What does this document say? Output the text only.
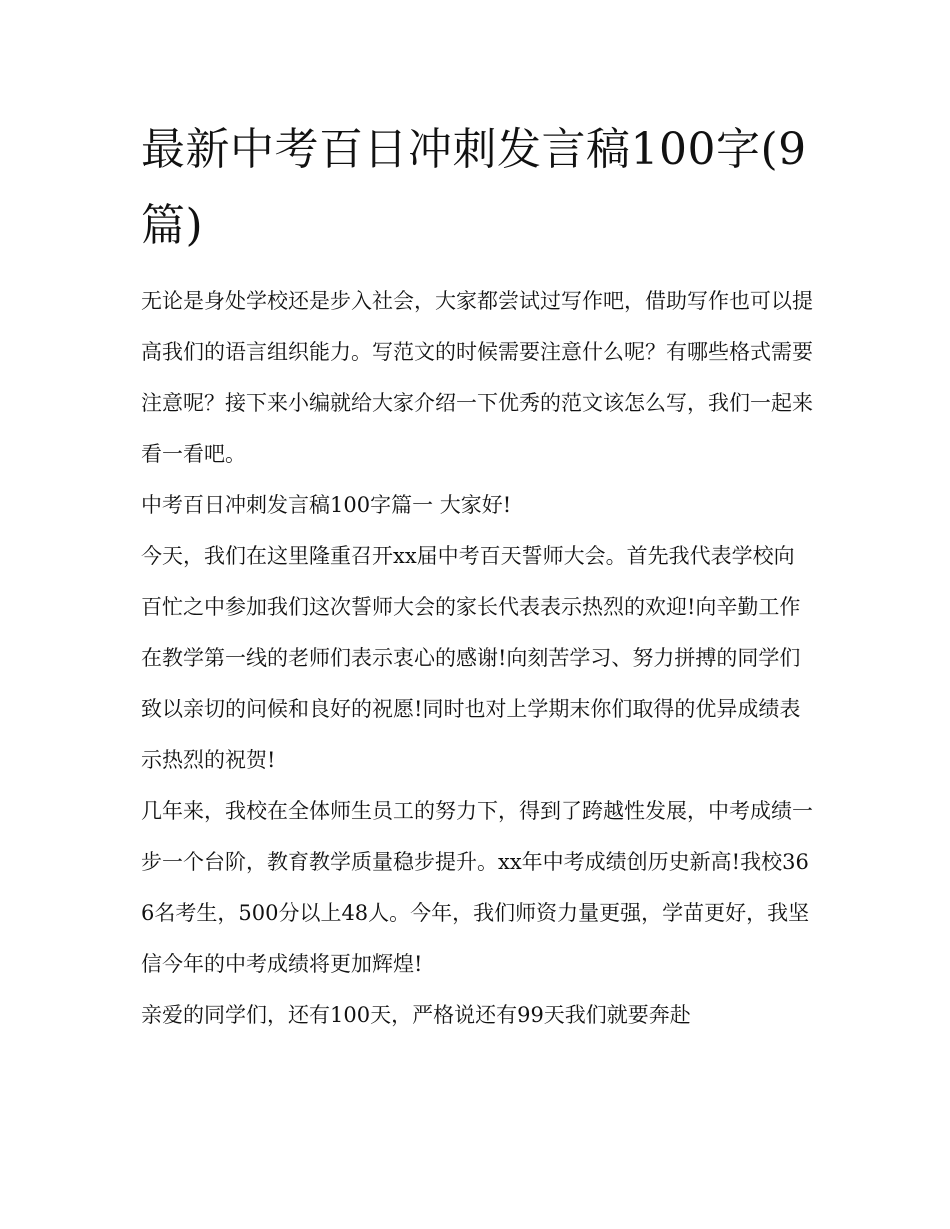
最新中考百日冲刺发言稿100字(9篇)

无论是身处学校还是步入社会，大家都尝试过写作吧，借助写作也可以提高我们的语言组织能力。写范文的时候需要注意什么呢？有哪些格式需要注意呢？接下来小编就给大家介绍一下优秀的范文该怎么写，我们一起来看一看吧。

中考百日冲刺发言稿100字篇一 大家好!

今天，我们在这里隆重召开xx届中考百天誓师大会。首先我代表学校向百忙之中参加我们这次誓师大会的家长代表表示热烈的欢迎!向辛勤工作在教学第一线的老师们表示衷心的感谢!向刻苦学习、努力拼搏的同学们致以亲切的问候和良好的祝愿!同时也对上学期末你们取得的优异成绩表示热烈的祝贺!

几年来，我校在全体师生员工的努力下，得到了跨越性发展，中考成绩一步一个台阶，教育教学质量稳步提升。xx年中考成绩创历史新高!我校366名考生，500分以上48人。今年，我们师资力量更强，学苗更好，我坚信今年的中考成绩将更加辉煌!

亲爱的同学们，还有100天，严格说还有99天我们就要奔赴
